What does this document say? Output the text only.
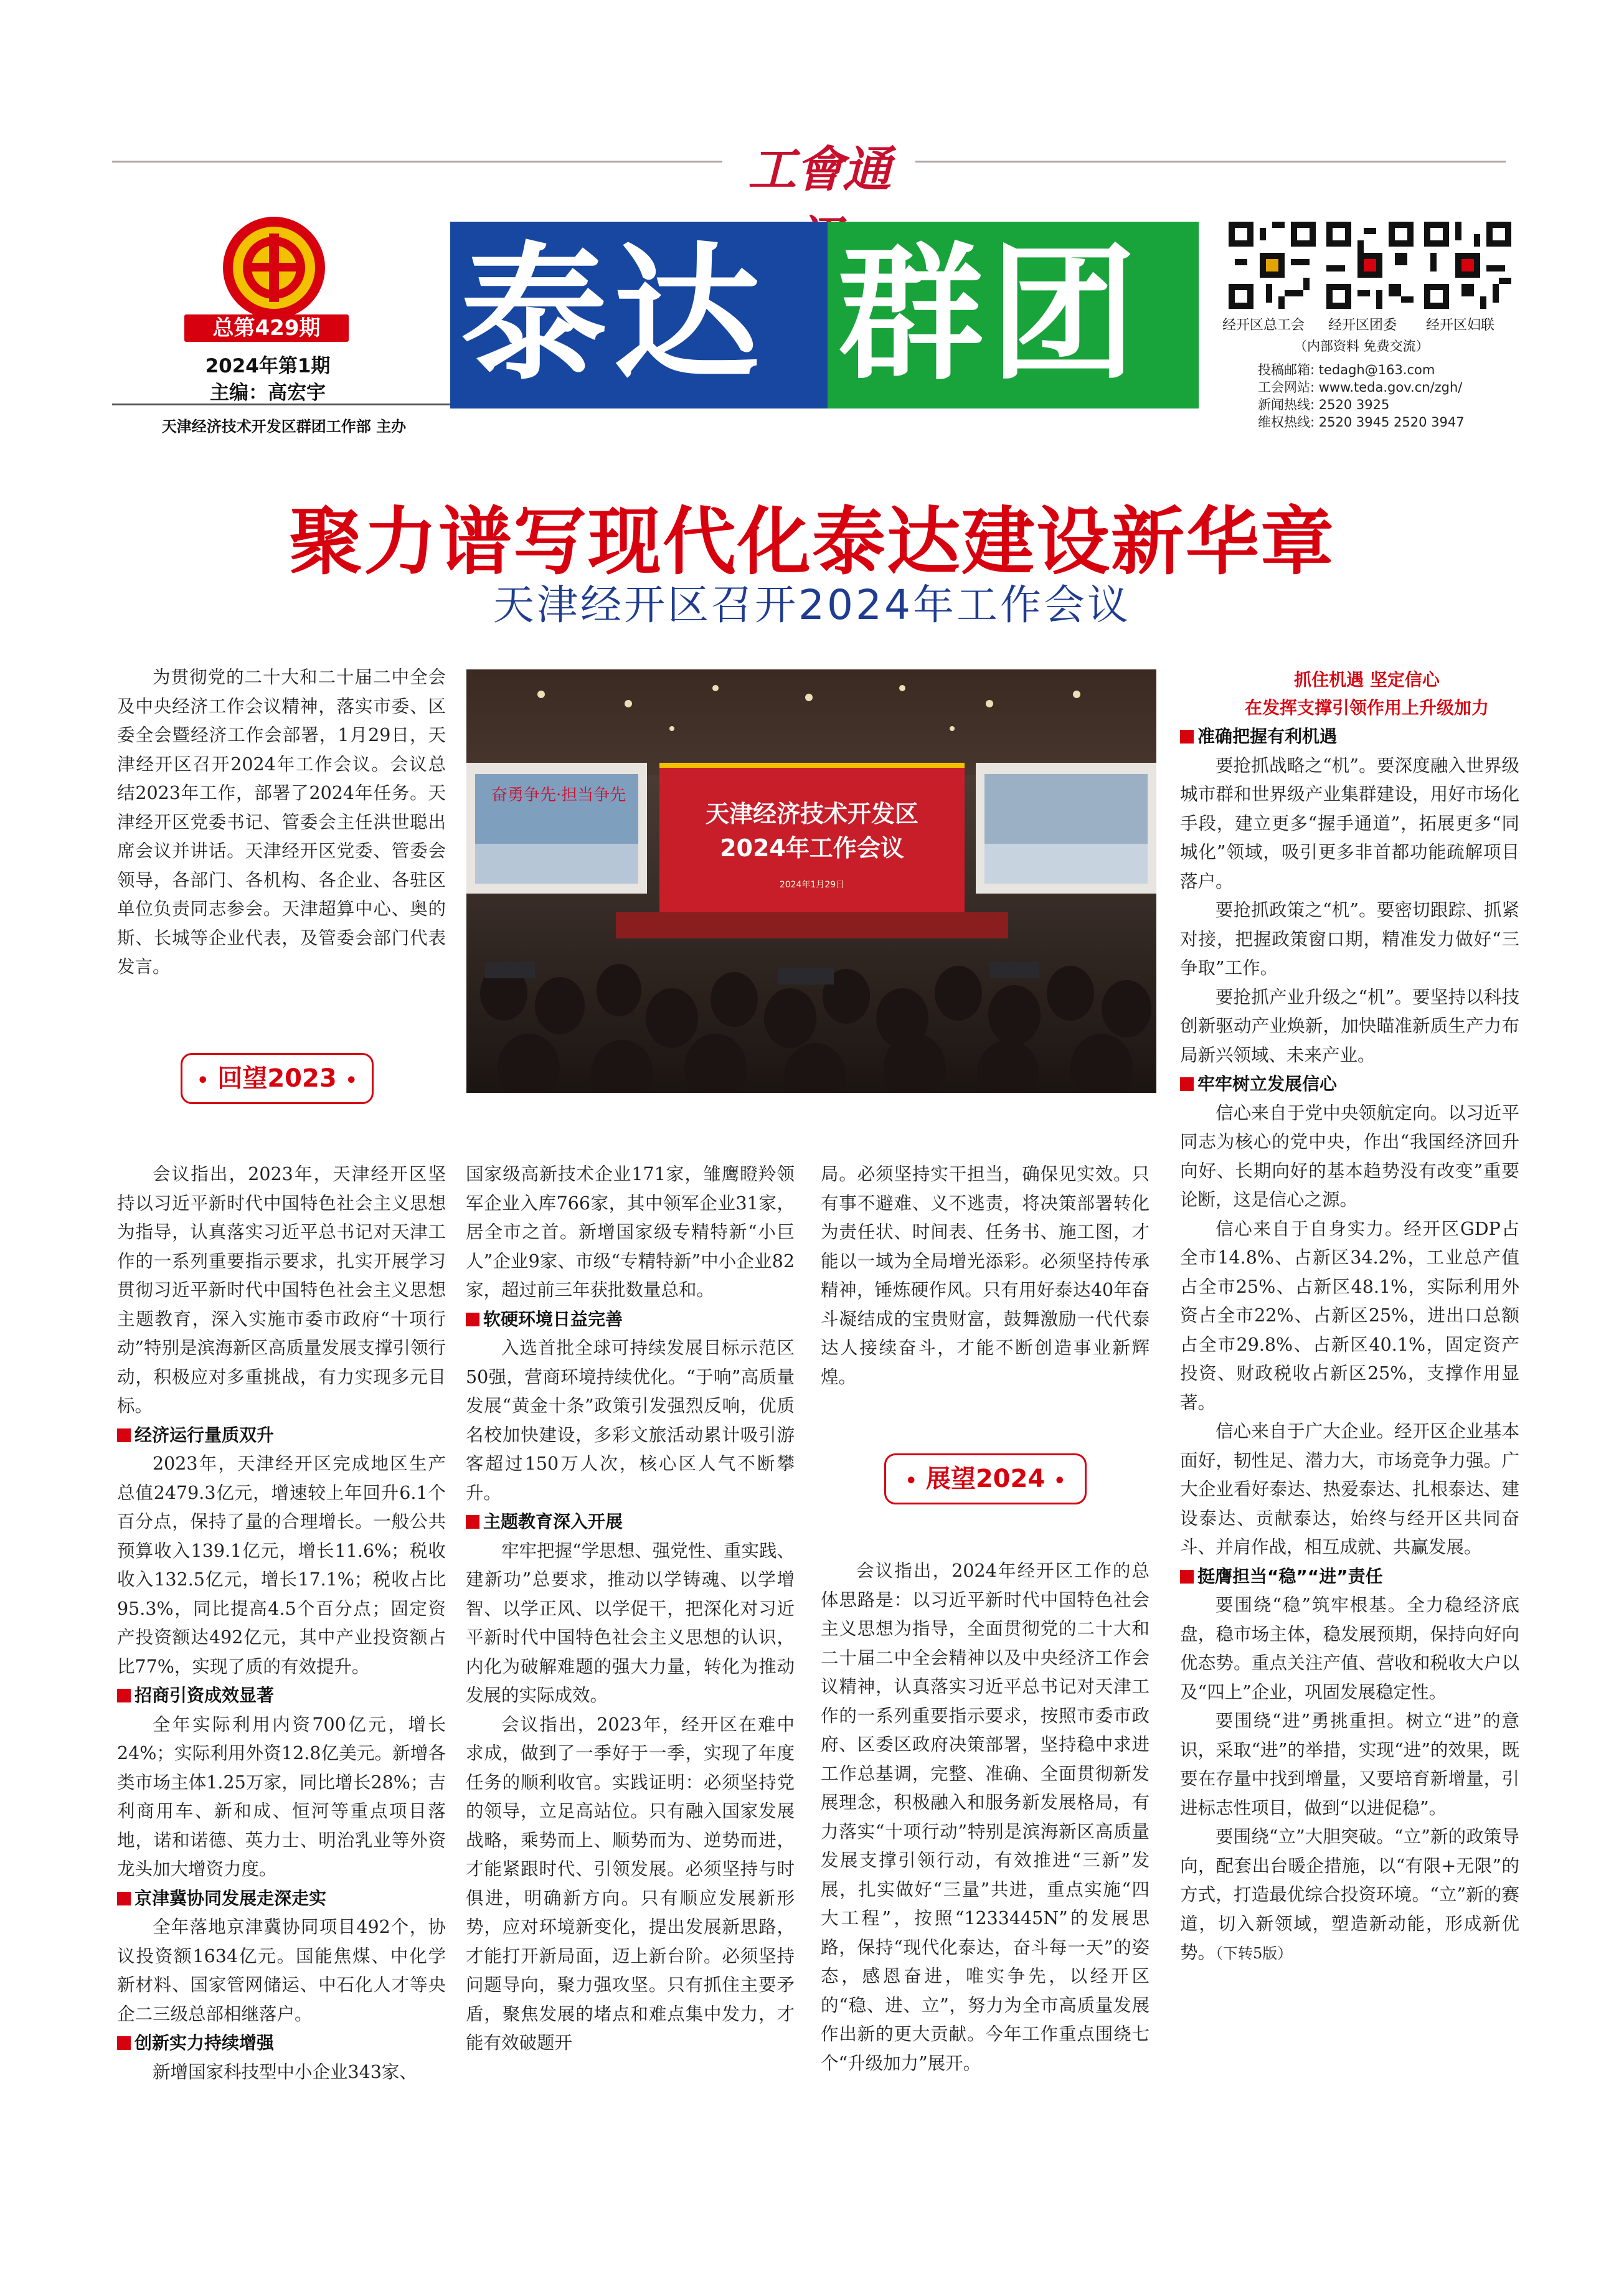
工會通
总第429期
2024年第1期
主编：高宏宇
天津经济技术开发区群团工作部 主办
泰达 群团	经开区总工会 经开区团委 经开区妇联
（内部资料 免费交流）
投稿邮箱: tedagh@163.com
工会网站: www.teda.gov.cn/zgh/
新闻热线: 2520 3925
维权热线: 2520 3945 2520 3947
聚力谱写现代化泰达建设新华章
天津经开区召开2024年工作会议

为贯彻党的二十大和二十届二中全会及中央经济工作会议精神，落实市委、区委全会暨经济工作会部署，1月29日，天津经开区召开2024年工作会议。会议总结2023年工作，部署了2024年任务。天津经开区党委书记、管委会主任洪世聪出席会议并讲话。天津经开区党委、管委会领导，各部门、各机构、各企业、各驻区单位负责同志参会。天津超算中心、奥的斯、长城等企业代表，及管委会部门代表发言。

• 回望2023 •
奋勇争先·担当争先
天津经济技术开发区
2024年工作会议
2024年1月29日

会议指出，2023年，天津经开区坚持以习近平新时代中国特色社会主义思想为指导，认真落实习近平总书记对天津工作的一系列重要指示要求，扎实开展学习贯彻习近平新时代中国特色社会主义思想主题教育，深入实施市委市政府“十项行动”特别是滨海新区高质量发展支撑引领行动，积极应对多重挑战，有力实现多元目标。

经济运行量质双升

2023年，天津经开区完成地区生产总值2479.3亿元，增速较上年回升6.1个百分点，保持了量的合理增长。一般公共预算收入139.1亿元，增长11.6%；税收收入132.5亿元，增长17.1%；税收占比95.3%，同比提高4.5个百分点；固定资产投资额达492亿元，其中产业投资额占比77%，实现了质的有效提升。

招商引资成效显著

全年实际利用内资700亿元，增长24%；实际利用外资12.8亿美元。新增各类市场主体1.25万家，同比增长28%；吉利商用车、新和成、恒河等重点项目落地，诺和诺德、英力士、明治乳业等外资龙头加大增资力度。

京津冀协同发展走深走实

全年落地京津冀协同项目492个，协议投资额1634亿元。国能焦煤、中化学新材料、国家管网储运、中石化人才等央企二三级总部相继落户。

创新实力持续增强

新增国家科技型中小企业343家、

国家级高新技术企业171家，雏鹰瞪羚领军企业入库766家，其中领军企业31家，居全市之首。新增国家级专精特新“小巨人”企业9家、市级“专精特新”中小企业82家，超过前三年获批数量总和。

软硬环境日益完善

入选首批全球可持续发展目标示范区50强，营商环境持续优化。“于响”高质量发展“黄金十条”政策引发强烈反响，优质名校加快建设，多彩文旅活动累计吸引游客超过150万人次，核心区人气不断攀升。

主题教育深入开展

牢牢把握“学思想、强党性、重实践、建新功”总要求，推动以学铸魂、以学增智、以学正风、以学促干，把深化对习近平新时代中国特色社会主义思想的认识，内化为破解难题的强大力量，转化为推动发展的实际成效。

会议指出，2023年，经开区在难中求成，做到了一季好于一季，实现了年度任务的顺利收官。实践证明：必须坚持党的领导，立足高站位。只有融入国家发展战略，乘势而上、顺势而为、逆势而进，才能紧跟时代、引领发展。必须坚持与时俱进，明确新方向。只有顺应发展新形势，应对环境新变化，提出发展新思路，才能打开新局面，迈上新台阶。必须坚持问题导向，聚力强攻坚。只有抓住主要矛盾，聚焦发展的堵点和难点集中发力，才能有效破题开

局。必须坚持实干担当，确保见实效。只有事不避难、义不逃责，将决策部署转化为责任状、时间表、任务书、施工图，才能以一域为全局增光添彩。必须坚持传承精神，锤炼硬作风。只有用好泰达40年奋斗凝结成的宝贵财富，鼓舞激励一代代泰达人接续奋斗，才能不断创造事业新辉煌。

• 展望2024 •

会议指出，2024年经开区工作的总体思路是：以习近平新时代中国特色社会主义思想为指导，全面贯彻党的二十大和二十届二中全会精神以及中央经济工作会议精神，认真落实习近平总书记对天津工作的一系列重要指示要求，按照市委市政府、区委区政府决策部署，坚持稳中求进工作总基调，完整、准确、全面贯彻新发展理念，积极融入和服务新发展格局，有力落实“十项行动”特别是滨海新区高质量发展支撑引领行动，有效推进“三新”发展，扎实做好“三量”共进，重点实施“四大工程”，按照“1233445N”的发展思路，保持“现代化泰达，奋斗每一天”的姿态，感恩奋进，唯实争先，以经开区的“稳、进、立”，努力为全市高质量发展作出新的更大贡献。今年工作重点围绕七个“升级加力”展开。

抓住机遇 坚定信心
在发挥支撑引领作用上升级加力
准确把握有利机遇

要抢抓战略之“机”。要深度融入世界级城市群和世界级产业集群建设，用好市场化手段，建立更多“握手通道”，拓展更多“同城化”领域，吸引更多非首都功能疏解项目落户。

要抢抓政策之“机”。要密切跟踪、抓紧对接，把握政策窗口期，精准发力做好“三争取”工作。

要抢抓产业升级之“机”。要坚持以科技创新驱动产业焕新，加快瞄准新质生产力布局新兴领域、未来产业。

牢牢树立发展信心

信心来自于党中央领航定向。以习近平同志为核心的党中央，作出“我国经济回升向好、长期向好的基本趋势没有改变”重要论断，这是信心之源。

信心来自于自身实力。经开区GDP占全市14.8%、占新区34.2%，工业总产值占全市25%、占新区48.1%，实际利用外资占全市22%、占新区25%，进出口总额占全市29.8%、占新区40.1%，固定资产投资、财政税收占新区25%，支撑作用显著。

信心来自于广大企业。经开区企业基本面好，韧性足、潜力大，市场竞争力强。广大企业看好泰达、热爱泰达、扎根泰达、建设泰达、贡献泰达，始终与经开区共同奋斗、并肩作战，相互成就、共赢发展。

挺膺担当“稳”“进”责任

要围绕“稳”筑牢根基。全力稳经济底盘，稳市场主体，稳发展预期，保持向好向优态势。重点关注产值、营收和税收大户以及“四上”企业，巩固发展稳定性。

要围绕“进”勇挑重担。树立“进”的意识，采取“进”的举措，实现“进”的效果，既要在存量中找到增量，又要培育新增量，引进标志性项目，做到“以进促稳”。

要围绕“立”大胆突破。“立”新的政策导向，配套出台暖企措施，以“有限+无限”的方式，打造最优综合投资环境。“立”新的赛道，切入新领域，塑造新动能，形成新优势。（下转5版）
